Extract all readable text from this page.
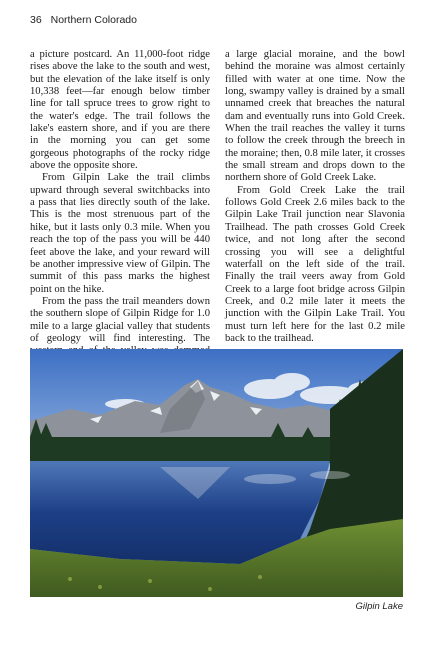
36 Northern Colorado

a picture postcard. An 11,000-foot ridge rises above the lake to the south and west, but the elevation of the lake itself is only 10,338 feet—far enough below timber line for tall spruce trees to grow right to the water's edge. The trail follows the lake's eastern shore, and if you are there in the morning you can get some gorgeous photographs of the rocky ridge above the opposite shore.

From Gilpin Lake the trail climbs upward through several switchbacks into a pass that lies directly south of the lake. This is the most strenuous part of the hike, but it lasts only 0.3 mile. When you reach the top of the pass you will be 440 feet above the lake, and your reward will be another impressive view of Gilpin. The summit of this pass marks the highest point on the hike.

From the pass the trail meanders down the southern slope of Gilpin Ridge for 1.0 mile to a large glacial valley that students of geology will find interesting. The

a large glacial moraine, and the bowl behind the moraine was almost certainly filled with water at one time. Now the long, swampy valley is drained by a small unnamed creek that breaches the natural dam and eventually runs into Gold Creek. When the trail reaches the valley it turns to follow the creek through the breech in the moraine; then, 0.8 mile later, it crosses the small stream and drops down to the northern shore of Gold Creek Lake.

From Gold Creek Lake the trail follows Gold Creek 2.6 miles back to the Gilpin Lake Trail junction near Slavonia Trailhead. The path crosses Gold Creek twice, and not long after the second crossing you will see a delightful waterfall on the left side of the trail. Finally the trail veers away from Gold Creek to a large foot bridge across Gilpin Creek, and 0.2 mile later it meets the junction with the Gilpin Lake Trail. You must turn left here for the last 0.2 mile back to the trailhead.

Gilpin Lake
